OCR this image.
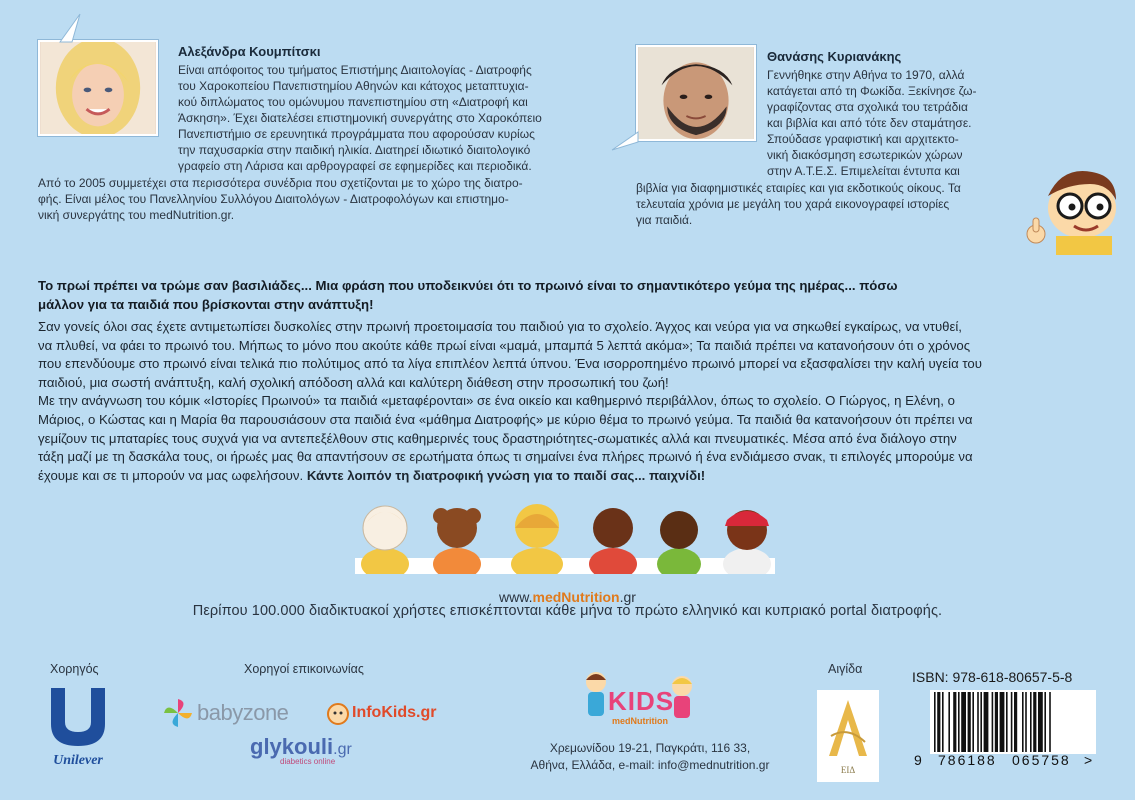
Αλεξάνδρα Κουμπίτσκι
Είναι απόφοιτος του τμήματος Επιστήμης Διαιτολογίας - Διατροφής
του Χαροκοπείου Πανεπιστημίου Αθηνών και κάτοχος μεταπτυχια-
κού διπλώματος του ομώνυμου πανεπιστημίου στη «Διατροφή και
Άσκηση». Έχει διατελέσει επιστημονική συνεργάτης στο Χαροκόπειο
Πανεπιστήμιο σε ερευνητικά προγράμματα που αφορούσαν κυρίως
την παχυσαρκία στην παιδική ηλικία. Διατηρεί ιδιωτικό διαιτολογικό
γραφείο στη Λάρισα και αρθρογραφεί σε εφημερίδες και περιοδικά.
Από το 2005 συμμετέχει στα περισσότερα συνέδρια που σχετίζονται με το χώρο της διατρο-
φής. Είναι μέλος του Πανελληνίου Συλλόγου Διαιτολόγων - Διατροφολόγων και επιστημο-
νική συνεργάτης του medNutrition.gr.
Θανάσης Κυριανάκης
Γεννήθηκε στην Αθήνα το 1970, αλλά
κατάγεται από τη Φωκίδα. Ξεκίνησε ζω-
γραφίζοντας στα σχολικά του τετράδια
και βιβλία και από τότε δεν σταμάτησε.
Σπούδασε γραφιστική και αρχιτεκτο-
νική διακόσμηση εσωτερικών χώρων
στην Α.Τ.Ε.Σ. Επιμελείται έντυπα και
βιβλία για διαφημιστικές εταιρίες και για εκδοτικούς οίκους. Τα
τελευταία χρόνια με μεγάλη του χαρά εικονογραφεί ιστορίες
για παιδιά.
Το πρωί πρέπει να τρώμε σαν βασιλιάδες... Μια φράση που υποδεικνύει ότι το πρωινό είναι το σημαντικότερο γεύμα της ημέρας... πόσω
μάλλον για τα παιδιά που βρίσκονται στην ανάπτυξη!
Σαν γονείς όλοι σας έχετε αντιμετωπίσει δυσκολίες στην πρωινή προετοιμασία του παιδιού για το σχολείο. Άγχος και νεύρα για να σηκωθεί εγκαίρως, να ντυθεί,
να πλυθεί, να φάει το πρωινό του. Μήπως το μόνο που ακούτε κάθε πρωί είναι «μαμά, μπαμπά 5 λεπτά ακόμα»; Τα παιδιά πρέπει να κατανοήσουν ότι ο χρόνος
που επενδύουμε στο πρωινό είναι τελικά πιο πολύτιμος από τα λίγα επιπλέον λεπτά ύπνου. Ένα ισορροπημένο πρωινό μπορεί να εξασφαλίσει την καλή υγεία του
παιδιού, μια σωστή ανάπτυξη, καλή σχολική απόδοση αλλά και καλύτερη διάθεση στην προσωπική του ζωή!
Με την ανάγνωση του κόμικ «Ιστορίες Πρωινού» τα παιδιά «μεταφέρονται» σε ένα οικείο και καθημερινό περιβάλλον, όπως το σχολείο. Ο Γιώργος, η Ελένη, ο
Μάριος, ο Κώστας και η Μαρία θα παρουσιάσουν στα παιδιά ένα «μάθημα Διατροφής» με κύριο θέμα το πρωινό γεύμα. Τα παιδιά θα κατανοήσουν ότι πρέπει να
γεμίζουν τις μπαταρίες τους συχνά για να αντεπεξέλθουν στις καθημερινές τους δραστηριότητες-σωματικές αλλά και πνευματικές. Μέσα από ένα διάλογο στην
τάξη μαζί με τη δασκάλα τους, οι ήρωές μας θα απαντήσουν σε ερωτήματα όπως τι σημαίνει ένα πλήρες πρωινό ή ένα ενδιάμεσο σνακ, τι επιλογές μπορούμε να
έχουμε και σε τι μπορούν να μας ωφελήσουν. Κάντε λοιπόν τη διατροφική γνώση για το παιδί σας... παιχνίδι!
www.medNutrition.gr
Περίπου 100.000 διαδικτυακοί χρήστες επισκέπτονται κάθε μήνα το πρώτο ελληνικό και κυπριακό portal διατροφής.
Χορηγός
Unilever
Χορηγοί επικοινωνίας
babyzone	InfoKids.gr
glykouli.gr
diabetics online
KIDS
medNutrition
Χρεμωνίδου 19-21, Παγκράτι, 116 33,
Αθήνα, Ελλάδα, e-mail: info@mednutrition.gr
Αιγίδα
ΕΙΔ
ISBN: 978-618-80657-5-8
9 786188 065758 >
